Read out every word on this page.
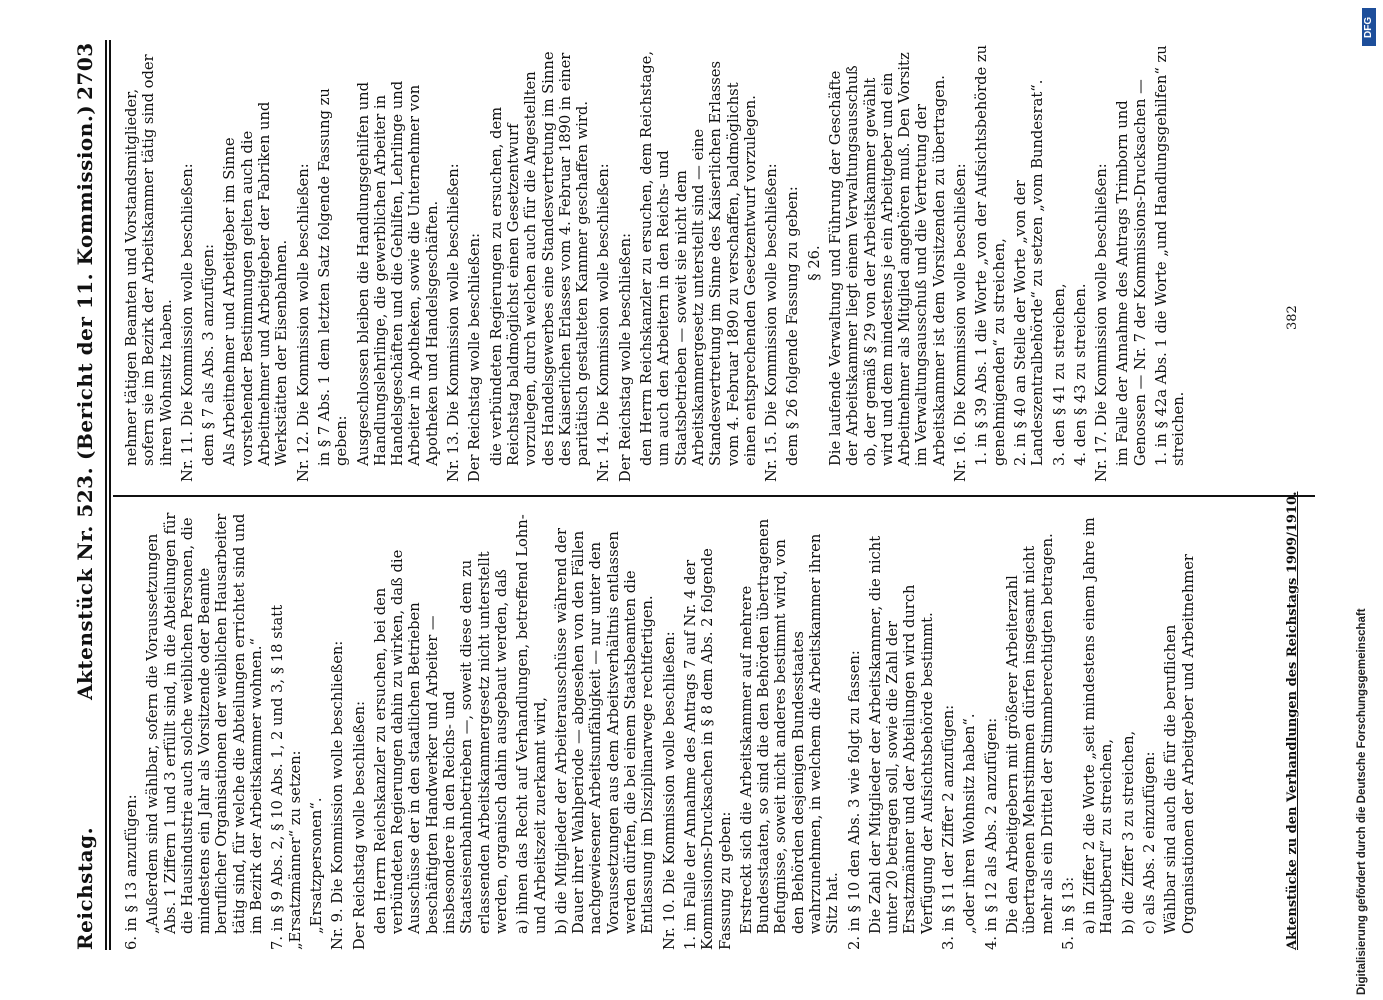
Reichstag.
Aktenstück Nr. 523.
(Bericht der 11. Kommission.)
2703
6. in § 13 anzufügen: „Außerdem sind wählbar, sofern die Voraussetzungen Abs. 1 Ziffern 1 und 3 erfüllt sind, in die Abteilungen für die Hausindustrie auch solche weiblichen Personen, die mindestens ein Jahr als Vorsitzende oder Beamte beruflicher Organisationen der weiblichen Hausarbeiter tätig sind, für welche die Abteilungen errichtet sind und im Bezirk der Arbeitskammer wohnen.“ 7. in § 9 Abs. 2, § 10 Abs. 1, 2 und 3, § 18 statt „Ersatzmänner“ zu setzen: „Ersatzpersonen“. Nr. 9. Die Kommission wolle beschließen: Der Reichstag wolle beschließen: den Herrn Reichskanzler zu ersuchen, bei den verbündeten Regierungen dahin zu wirken, daß die Ausschüsse der in den staatlichen Betrieben beschäftigten Handwerker und Arbeiter — insbesondere in den Reichs- und Staatseisenbahnbetrieben —, soweit diese dem zu erlassenden Arbeitskammergesetz nicht unterstellt werden, organisch dahin ausgebaut werden, daß a) ihnen das Recht auf Verhandlungen, betreffend Lohn- und Arbeitszeit zuerkannt wird, b) die Mitglieder der Arbeiterausschüsse während der Dauer ihrer Wahlperiode — abgesehen von den Fällen nachgewiesener Arbeitsunfähigkeit — nur unter den Voraussetzungen aus dem Arbeitsverhältnis entlassen werden dürfen, die bei einem Staatsbeamten die Entlassung im Disziplinarwege rechtfertigen. Nr. 10. Die Kommission wolle beschließen: 1. im Falle der Annahme des Antrags 7 auf Nr. 4 der Kommissions-Drucksachen in § 8 dem Abs. 2 folgende Fassung zu geben: Erstreckt sich die Arbeitskammer auf mehrere Bundesstaaten, so sind die den Behörden übertragenen Befugnisse, soweit nicht anderes bestimmt wird, von den Behörden desjenigen Bundesstaates wahrzunehmen, in welchem die Arbeitskammer ihren Sitz hat. 2. in § 10 den Abs. 3 wie folgt zu fassen: Die Zahl der Mitglieder der Arbeitskammer, die nicht unter 20 betragen soll, sowie die Zahl der Ersatzmänner und der Abteilungen wird durch Verfügung der Aufsichtsbehörde bestimmt. 3. in § 11 der Ziffer 2 anzufügen: „oder ihren Wohnsitz haben“. 4. in § 12 als Abs. 2 anzufügen: Die den Arbeitgebern mit größerer Arbeiterzahl übertragenen Mehrstimmen dürfen insgesamt nicht mehr als ein Drittel der Stimmberechtigten betragen. 5. in § 13: a) in Ziffer 2 die Worte „seit mindestens einem Jahre im Hauptberuf“ zu streichen, b) die Ziffer 3 zu streichen, c) als Abs. 2 einzufügen: Wählbar sind auch die für die beruflichen Organisationen der Arbeitgeber und Arbeitnehmer
nehmer tätigen Beamten und Vorstandsmitglieder, sofern sie im Bezirk der Arbeitskammer tätig sind oder ihren Wohnsitz haben. Nr. 11. Die Kommission wolle beschließen: dem § 7 als Abs. 3 anzufügen: Als Arbeitnehmer und Arbeitgeber im Sinne vorstehender Bestimmungen gelten auch die Arbeitnehmer und Arbeitgeber der Fabriken und Werkstätten der Eisenbahnen. Nr. 12. Die Kommission wolle beschließen: in § 7 Abs. 1 dem letzten Satz folgende Fassung zu geben: Ausgeschlossen bleiben die Handlungsgehilfen und Handlungslehrlinge, die gewerblichen Arbeiter in Handelsgeschäften und die Gehilfen, Lehrlinge und Arbeiter in Apotheken, sowie die Unternehmer von Apotheken und Handelsgeschäften. Nr. 13. Die Kommission wolle beschließen: Der Reichstag wolle beschließen: die verbündeten Regierungen zu ersuchen, dem Reichstag baldmöglichst einen Gesetzentwurf vorzulegen, durch welchen auch für die Angestellten des Handelsgewerbes eine Standesvertretung im Sinne des Kaiserlichen Erlasses vom 4. Februar 1890 in einer paritätisch gestalteten Kammer geschaffen wird. Nr. 14. Die Kommission wolle beschließen: Der Reichstag wolle beschließen: den Herrn Reichskanzler zu ersuchen, dem Reichstage, um auch den Arbeitern in den Reichs- und Staatsbetrieben — soweit sie nicht dem Arbeitskammergesetz unterstellt sind — eine Standesvertretung im Sinne des Kaiserlichen Erlasses vom 4. Februar 1890 zu verschaffen, baldmöglichst einen entsprechenden Gesetzentwurf vorzulegen. Nr. 15. Die Kommission wolle beschließen: dem § 26 folgende Fassung zu geben: § 26. Die laufende Verwaltung und Führung der Geschäfte der Arbeitskammer liegt einem Verwaltungsausschuß ob, der gemäß § 29 von der Arbeitskammer gewählt wird und dem mindestens je ein Arbeitgeber und ein Arbeitnehmer als Mitglied angehören muß. Den Vorsitz im Verwaltungsausschuß und die Vertretung der Arbeitskammer ist dem Vorsitzenden zu übertragen. Nr. 16. Die Kommission wolle beschließen: 1. in § 39 Abs. 1 die Worte „von der Aufsichtsbehörde zu genehmigenden“ zu streichen, 2. in § 40 an Stelle der Worte „von der Landeszentralbehörde“ zu setzen „vom Bundesrat“. 3. den § 41 zu streichen, 4. den § 43 zu streichen. Nr. 17. Die Kommission wolle beschließen: im Falle der Annahme des Antrags Trimborn und Genossen — Nr. 7 der Kommissions-Drucksachen — 1. in § 42a Abs. 1 die Worte „und Handlungsgehilfen“ zu streichen.
Aktenstücke zu den Verhandlungen des Reichstags 1909/1910.
382
Digitalisierung gefördert durch die Deutsche Forschungsgemeinschaft
DFG
